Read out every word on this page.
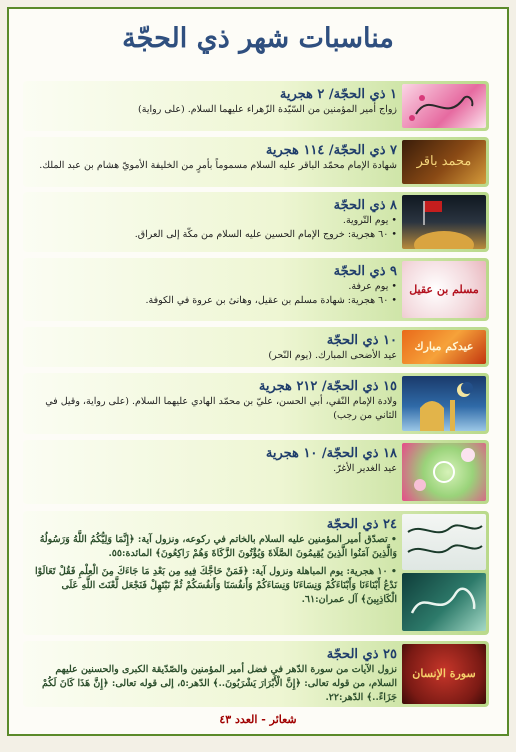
مناسبات شهر ذي الحجّة
١ ذي الحجّة/ ٢ هجرية
زواج أمير المؤمنين من السّيّدة الزّهراء عليهما السلام. (على رواية)
محمد باقر
٧ ذي الحجّة/ ١١٤ هجرية
شهادة الإمام محمّد الباقر عليه السلام مسموماً بأمرٍ من الخليفة الأمويّ هشام بن عبد الملك.
٨ ذي الحجّة
• يوم التّروية.
• ٦٠ هجرية: خروج الإمام الحسين عليه السلام من مكّة إلى العراق.
مسلم بن عقيل
٩ ذي الحجّة
• يوم عرفة.
• ٦٠ هجرية: شهادة مسلم بن عقيل، وهانئ بن عروة في الكوفة.
عيدكم مبارك
١٠ ذي الحجّة
عيد الأضحى المبارك. (يوم النّحر)
١٥ ذي الحجّة/ ٢١٢ هجرية
ولادة الإمام النّقي، أبي الحسن، عليّ بن محمّد الهادي عليهما السلام. (على رواية، وقيل في الثاني من رجب)
١٨ ذي الحجّة/ ١٠ هجرية
عيد الغدير الأغرّ.
٢٤ ذي الحجّة
• تصدّق أمير المؤمنين عليه السلام بالخاتم في ركوعه، ونزول آية: ﴿إِنَّمَا وَلِيُّكُمُ اللَّهُ وَرَسُولُهُ وَالَّذِينَ آمَنُوا الَّذِينَ يُقِيمُونَ الصَّلَاةَ وَيُؤْتُونَ الزَّكَاةَ وَهُمْ رَاكِعُونَ﴾ المائدة:٥٥.
• ١٠ هجرية: يوم المباهلة ونزول آية: ﴿فَمَنْ حَاجَّكَ فِيهِ مِن بَعْدِ مَا جَاءَكَ مِنَ الْعِلْمِ فَقُلْ تَعَالَوْا نَدْعُ أَبْنَاءَنَا وَأَبْنَاءَكُمْ وَنِسَاءَنَا وَنِسَاءَكُمْ وَأَنفُسَنَا وَأَنفُسَكُمْ ثُمَّ نَبْتَهِلْ فَنَجْعَل لَّعْنَتَ اللَّهِ عَلَى الْكَاذِبِينَ﴾ آل عمران:٦١.
سورة الإنسان
٢٥ ذي الحجّة
نزول الآيات من سورة الدّهر في فضل أمير المؤمنين والصّدّيقة الكبرى والحسنين عليهم السلام، من قوله تعالى: ﴿إِنَّ الْأَبْرَارَ يَشْرَبُونَ..﴾ الدّهر:٥، إلى قوله تعالى: ﴿إِنَّ هَذَا كَانَ لَكُمْ جَزَاءً..﴾ الدّهر:٢٢.
شعائر - العدد ٤٣
